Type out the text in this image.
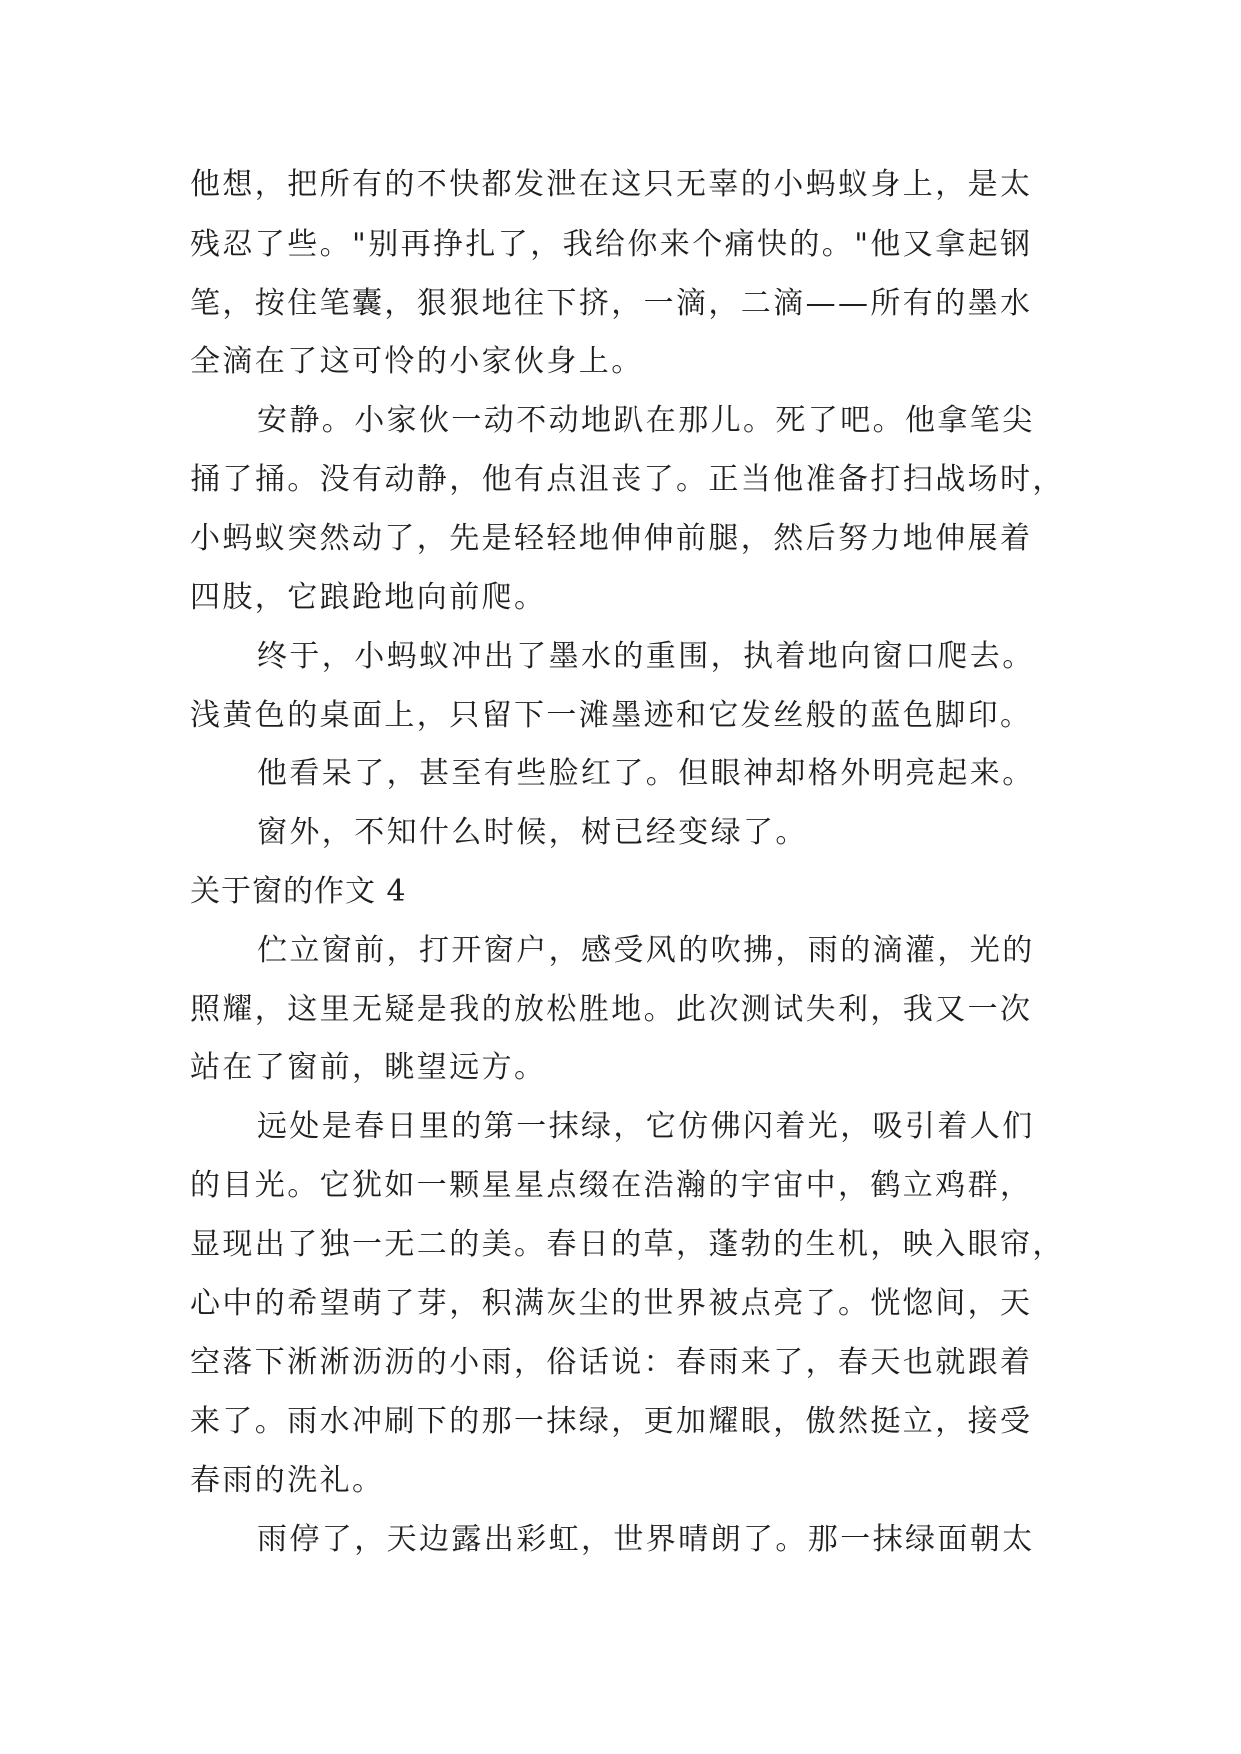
他想，把所有的不快都发泄在这只无辜的小蚂蚁身上，是太

残忍了些。"别再挣扎了，我给你来个痛快的。"他又拿起钢

笔，按住笔囊，狠狠地往下挤，一滴，二滴——所有的墨水

全滴在了这可怜的小家伙身上。

安静。小家伙一动不动地趴在那儿。死了吧。他拿笔尖

捅了捅。没有动静，他有点沮丧了。正当他准备打扫战场时，

小蚂蚁突然动了，先是轻轻地伸伸前腿，然后努力地伸展着

四肢，它踉跄地向前爬。

终于，小蚂蚁冲出了墨水的重围，执着地向窗口爬去。

浅黄色的桌面上，只留下一滩墨迹和它发丝般的蓝色脚印。

他看呆了，甚至有些脸红了。但眼神却格外明亮起来。

窗外，不知什么时候，树已经变绿了。

关于窗的作文 4

伫立窗前，打开窗户，感受风的吹拂，雨的滴灌，光的

照耀，这里无疑是我的放松胜地。此次测试失利，我又一次

站在了窗前，眺望远方。

远处是春日里的第一抹绿，它仿佛闪着光，吸引着人们

的目光。它犹如一颗星星点缀在浩瀚的宇宙中，鹤立鸡群，

显现出了独一无二的美。春日的草，蓬勃的生机，映入眼帘，

心中的希望萌了芽，积满灰尘的世界被点亮了。恍惚间，天

空落下淅淅沥沥的小雨，俗话说：春雨来了，春天也就跟着

来了。雨水冲刷下的那一抹绿，更加耀眼，傲然挺立，接受

春雨的洗礼。

雨停了，天边露出彩虹，世界晴朗了。那一抹绿面朝太
